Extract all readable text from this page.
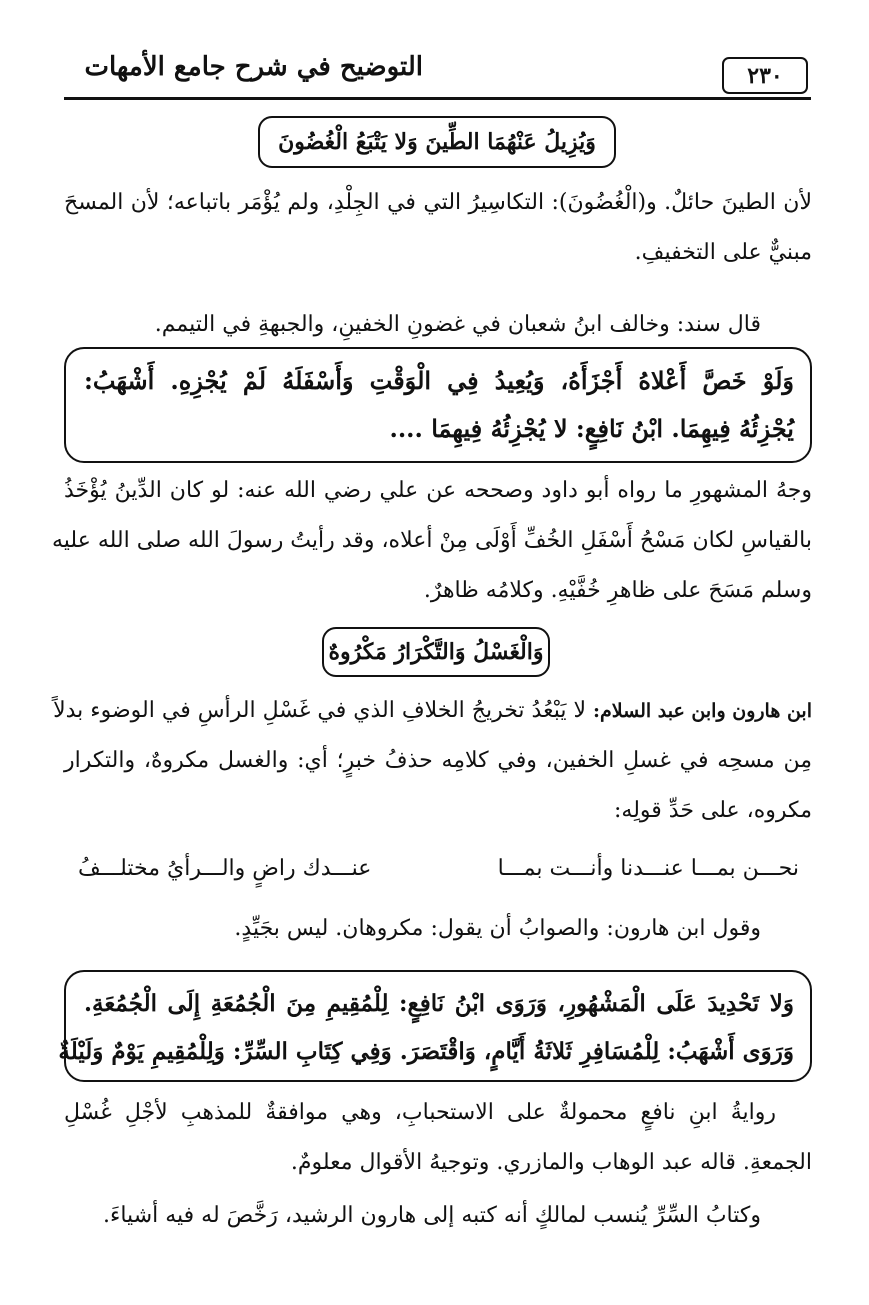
التوضيح في شرح جامع الأمهات	٢٣٠
وَيُزِيلُ عَنْهُمَا الطِّينَ وَلا يَتْبَعُ الْغُضُونَ
لأن الطينَ حائلٌ. و(الْغُضُونَ): التكاسِيرُ التي في الجِلْدِ، ولم يُؤْمَر باتباعه؛ لأن المسحَ
مبنيٌّ على التخفيفِ.
قال سند: وخالف ابنُ شعبان في غضونِ الخفينِ، والجبهةِ في التيمم.
وَلَوْ خَصَّ أَعْلاهُ أَجْزَأَهُ، وَيُعِيدُ فِي الْوَقْتِ وَأَسْفَلَهُ لَمْ يُجْزِهِ. أَشْهَبُ:
يُجْزِئُهُ فِيهِمَا. ابْنُ نَافِعٍ: لا يُجْزِئُهُ فِيهِمَا ....
وجهُ المشهورِ ما رواه أبو داود وصححه عن علي رضي الله عنه: لو كان الدِّينُ يُؤْخَذُ
بالقياسِ لكان مَسْحُ أَسْفَلِ الخُفِّ أَوْلَى مِنْ أعلاه، وقد رأيتُ رسولَ الله صلى الله عليه
وسلم مَسَحَ على ظاهرِ خُفَّيْهِ. وكلامُه ظاهرٌ.
وَالْغَسْلُ وَالتَّكْرَارُ مَكْرُوهٌ
ابن هارون وابن عبد السلام: لا يَبْعُدُ تخريجُ الخلافِ الذي في غَسْلِ الرأسِ في الوضوء بدلاً
مِن مسحِه في غسلِ الخفين، وفي كلامِه حذفُ خبرٍ؛ أي: والغسل مكروهٌ، والتكرار
مكروه، على حَدِّ قولِه:
نحـــن بمـــا عنـــدنا وأنـــت بمـــا
عنـــدك راضٍ والـــرأيُ مختلـــفُ
وقول ابن هارون: والصوابُ أن يقول: مكروهان. ليس بجَيِّدٍ.
وَلا تَحْدِيدَ عَلَى الْمَشْهُورِ، وَرَوَى ابْنُ نَافِعٍ: لِلْمُقِيمِ مِنَ الْجُمُعَةِ إِلَى الْجُمُعَةِ.
وَرَوَى أَشْهَبُ: لِلْمُسَافِرِ ثَلاثَةُ أَيَّامٍ، وَاقْتَصَرَ. وَفِي كِتَابِ السِّرِّ: وَلِلْمُقِيمِ يَوْمٌ وَلَيْلَةٌ
روايةُ ابنِ نافعٍ محمولةٌ على الاستحبابِ، وهي موافقةٌ للمذهبِ لأجْلِ غُسْلِ
الجمعةِ. قاله عبد الوهاب والمازري. وتوجيهُ الأقوال معلومٌ.
وكتابُ السِّرِّ يُنسب لمالكٍ أنه كتبه إلى هارون الرشيد، رَخَّصَ له فيه أشياءَ.
